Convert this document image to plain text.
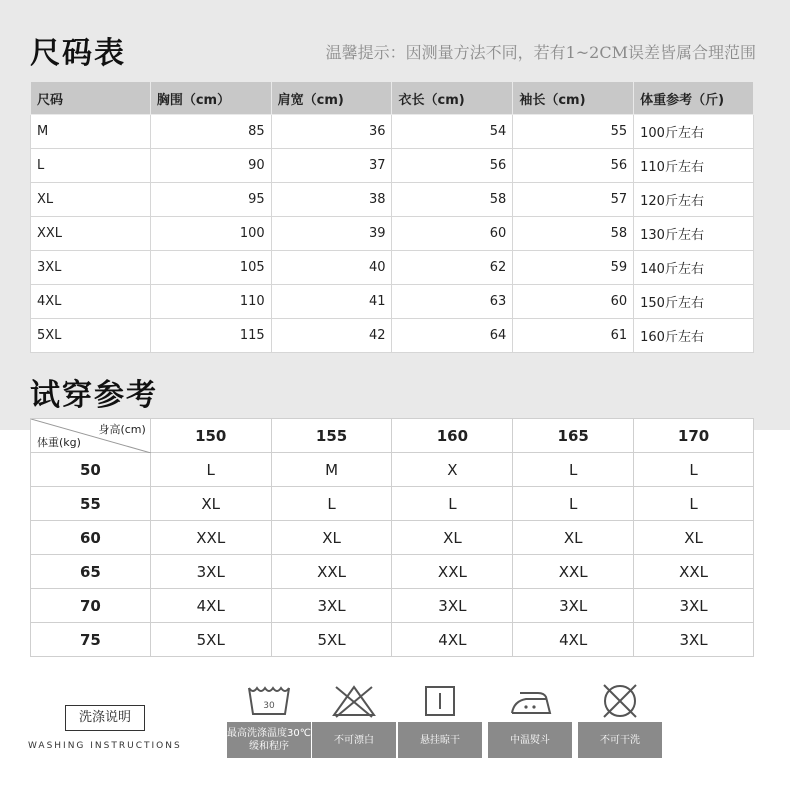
尺码表	温馨提示：因测量方法不同，若有1~2CM误差皆属合理范围
尺码	胸围（cm）	肩宽（cm)	衣长（cm)	袖长（cm)	体重参考（斤)
M	85	36	54	55	100斤左右
L	90	37	56	56	110斤左右
XL	95	38	58	57	120斤左右
XXL	100	39	60	58	130斤左右
3XL	105	40	62	59	140斤左右
4XL	110	41	63	60	150斤左右
5XL	115	42	64	61	160斤左右
试穿参考
身高(cm)
体重(kg)	150	155	160	165	170
50	L	M	X	L	L
55	XL	L	L	L	L
60	XXL	XL	XL	XL	XL
65	3XL	XXL	XXL	XXL	XXL
70	4XL	3XL	3XL	3XL	3XL
75	5XL	5XL	4XL	4XL	3XL
洗涤说明
WASHING INSTRUCTIONS
30
最高洗涤温度30℃缓和程序
不可漂白	悬挂晾干	中温熨斗	不可干洗
